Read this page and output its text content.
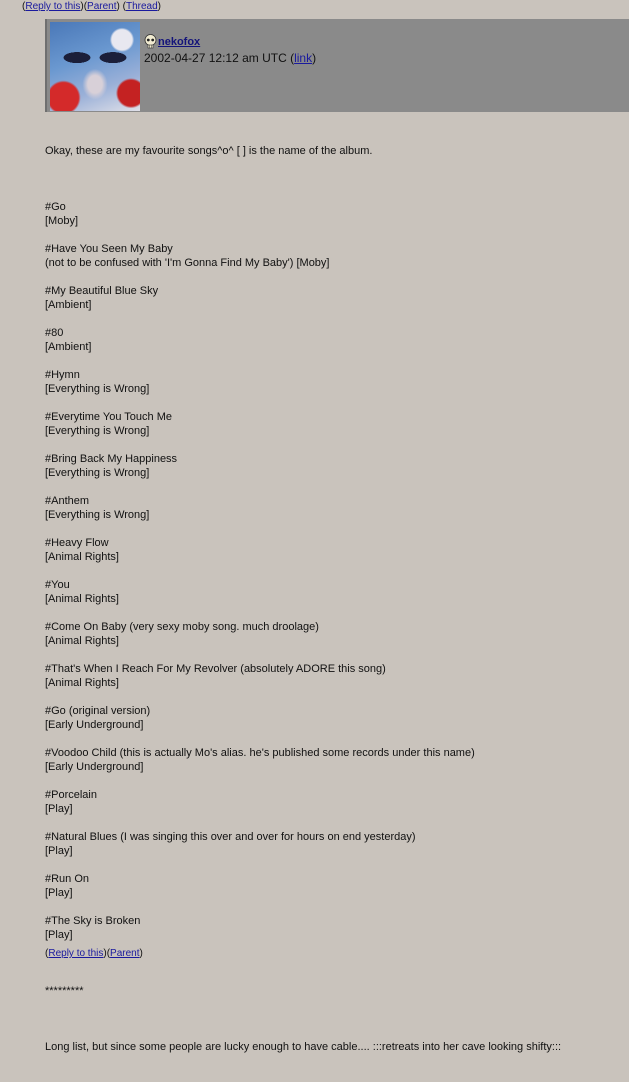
(Reply to this)(Parent) (Thread)
nekofox
2002-04-27 12:12 am UTC (link)

Okay, these are my favourite songs^o^ [ ] is the name of the album.

#Go
[Moby]
#Have You Seen My Baby
(not to be confused with 'I'm Gonna Find My Baby') [Moby]
#My Beautiful Blue Sky
[Ambient]
#80
[Ambient]
#Hymn
[Everything is Wrong]
#Everytime You Touch Me
[Everything is Wrong]
#Bring Back My Happiness
[Everything is Wrong]
#Anthem
[Everything is Wrong]
#Heavy Flow
[Animal Rights]
#You
[Animal Rights]
#Come On Baby (very sexy moby song. much droolage)
[Animal Rights]
#That's When I Reach For My Revolver (absolutely ADORE this song)
[Animal Rights]
#Go (original version)
[Early Underground]
#Voodoo Child (this is actually Mo's alias. he's published some records under this name)
[Early Underground]
#Porcelain
[Play]
#Natural Blues (I was singing this over and over for hours on end yesterday)
[Play]
#Run On
[Play]
#The Sky is Broken
[Play]

*********

Long list, but since some people are lucky enough to have cable.... :::retreats into her cave looking shifty:::

(Reply to this)(Parent)
